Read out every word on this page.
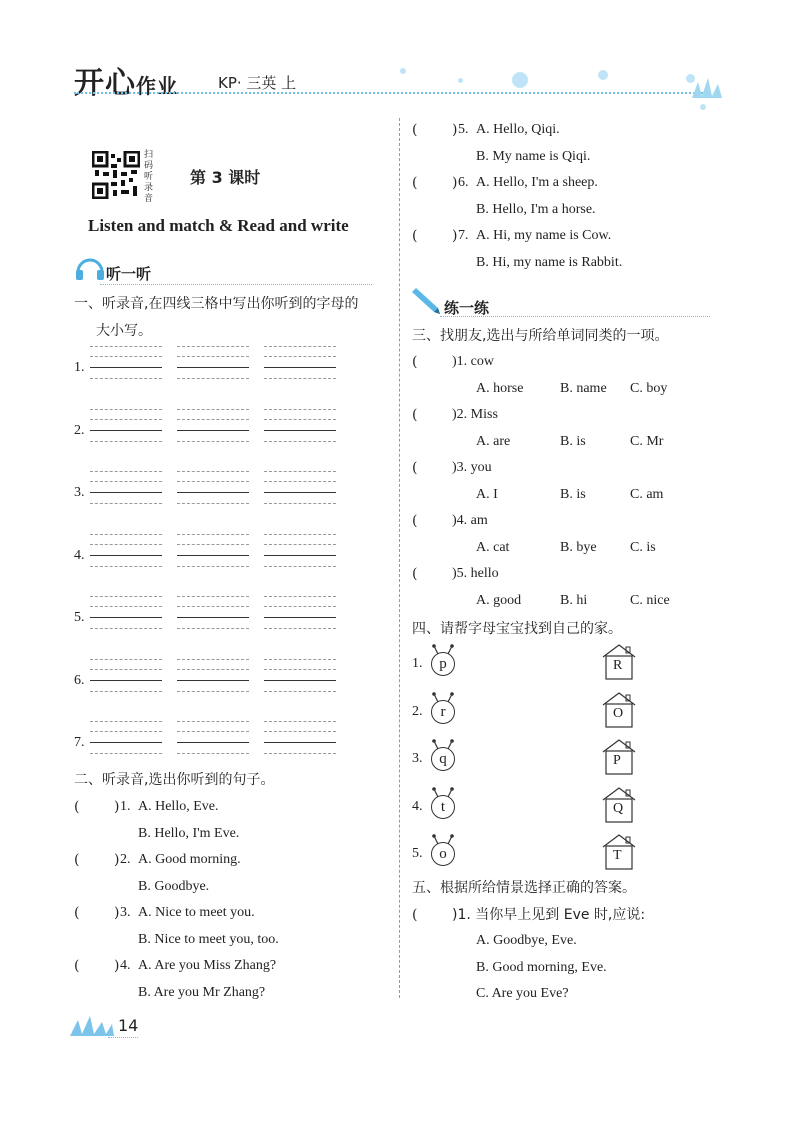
开心作业	KP· 三英 上
扫码听录音
第 3 课时
Listen and match & Read and write
听一听
一、听录音,在四线三格中写出你听到的字母的
大小写。
1.
2.
3.
4.
5.
6.
7.
二、听录音,选出你听到的句子。
( ) 1. A. Hello, Eve.
B. Hello, I'm Eve.
( ) 2. A. Good morning.
B. Goodbye.
( ) 3. A. Nice to meet you.
B. Nice to meet you, too.
( ) 4. A. Are you Miss Zhang?
B. Are you Mr Zhang?
14
( ) 5. A. Hello, Qiqi.
B. My name is Qiqi.
( ) 6. A. Hello, I'm a sheep.
B. Hello, I'm a horse.
( ) 7. A. Hi, my name is Cow.
B. Hi, my name is Rabbit.
练一练
三、找朋友,选出与所给单词同类的一项。
( )1. cow
A. horse	B. name C. boy
( )2. Miss
A. are	B. is	C. Mr
( )3. you
A. I	B. is	C. am
( )4. am
A. cat	B. bye C. is
( )5. hello
A. good	B. hi	C. nice
四、请帮字母宝宝找到自己的家。
1.	p	R
2.	r	O
3.	q	P
4.	t	Q
5.	o	T
五、根据所给情景选择正确的答案。
( )1. 当你早上见到 Eve 时,应说:
A. Goodbye, Eve.
B. Good morning, Eve.
C. Are you Eve?
